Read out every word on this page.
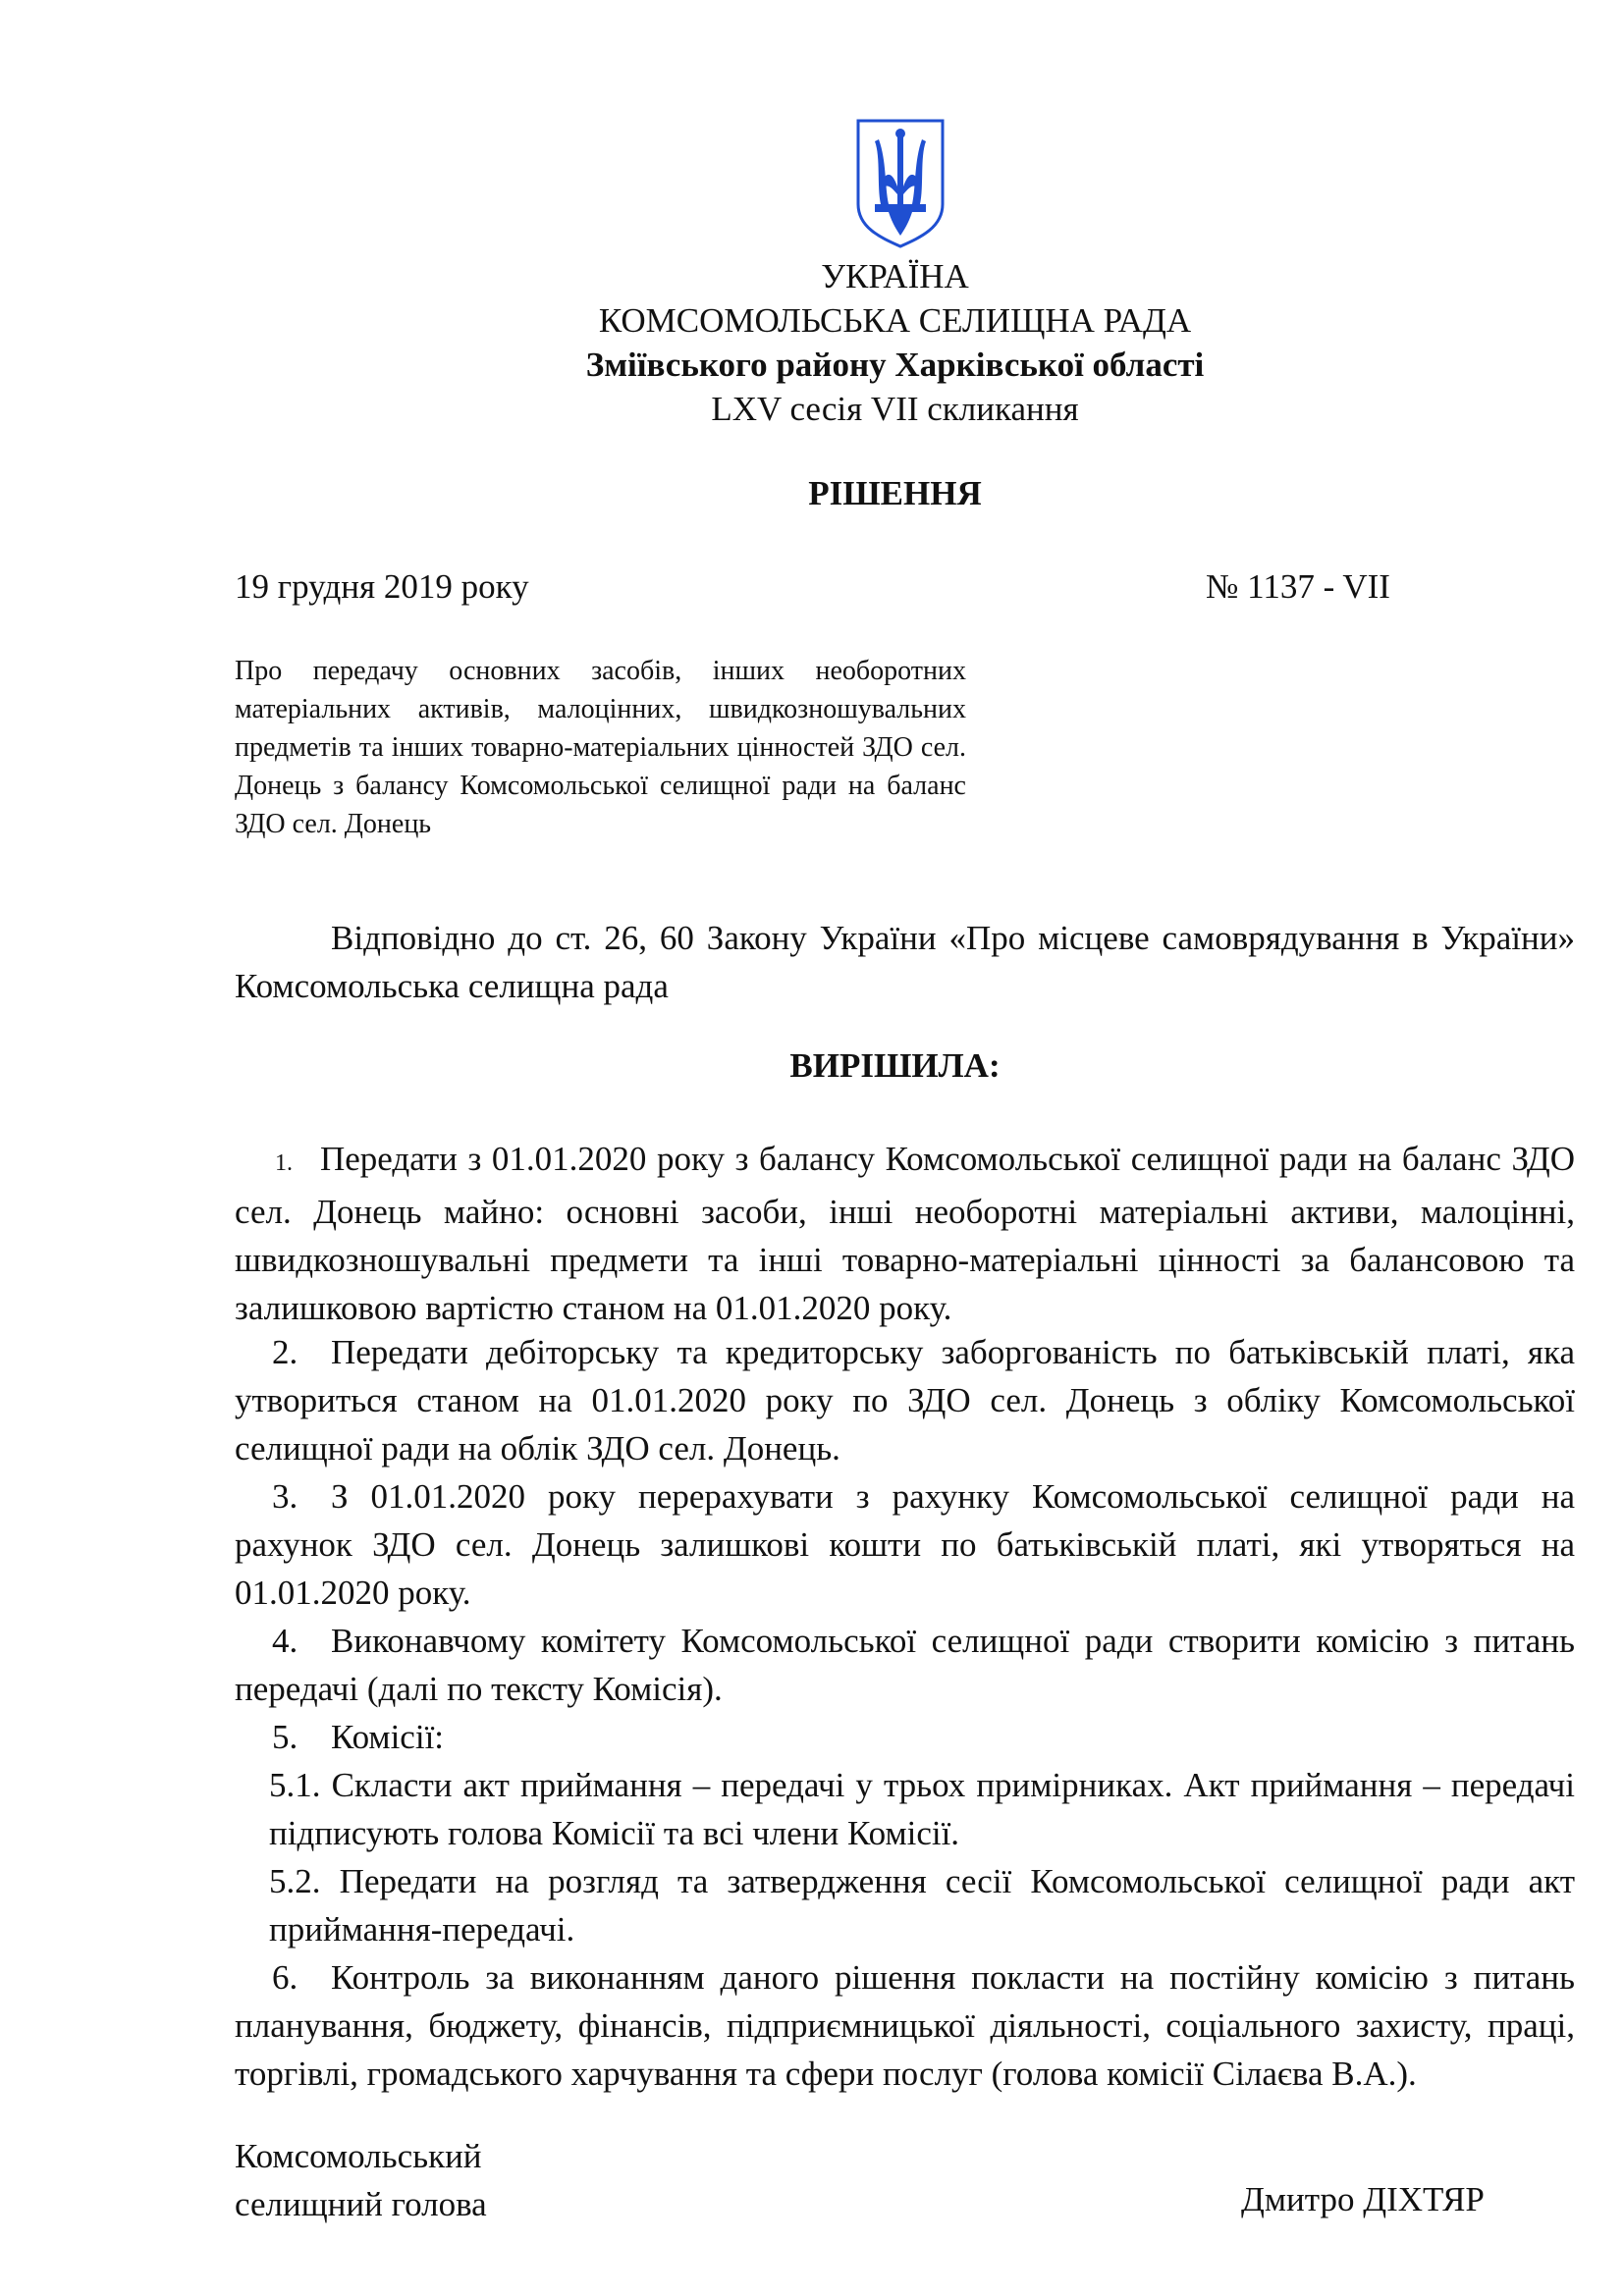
УКРАЇНА
КОМСОМОЛЬСЬКА СЕЛИЩНА РАДА
Зміївського району Харківської області
LXV сесія VII скликання
РІШЕННЯ
19 грудня 2019 року	№ 1137 - VII
Про передачу основних засобів, інших необоротних матеріальних активів, малоцінних, швидкозношувальних предметів та інших товарно-матеріальних цінностей ЗДО сел. Донець з балансу Комсомольської селищної ради на баланс ЗДО сел. Донець
Відповідно до ст. 26, 60 Закону України «Про місцеве самоврядування в України» Комсомольська селищна рада
ВИРІШИЛА:
1. Передати з 01.01.2020 року з балансу Комсомольської селищної ради на баланс ЗДО сел. Донець майно: основні засоби, інші необоротні матеріальні активи, малоцінні, швидкозношувальні предмети та інші товарно-матеріальні цінності за балансовою та залишковою вартістю станом на 01.01.2020 року.
2. Передати дебіторську та кредиторську заборгованість по батьківській платі, яка утвориться станом на 01.01.2020 року по ЗДО сел. Донець з обліку Комсомольської селищної ради на облік ЗДО сел. Донець.
3. З 01.01.2020 року перерахувати з рахунку Комсомольської селищної ради на рахунок ЗДО сел. Донець залишкові кошти по батьківській платі, які утворяться на 01.01.2020 року.
4. Виконавчому комітету Комсомольської селищної ради створити комісію з питань передачі (далі по тексту Комісія).
5. Комісії:
5.1. Скласти акт приймання – передачі у трьох примірниках. Акт приймання – передачі підписують голова Комісії та всі члени Комісії.
5.2. Передати на розгляд та затвердження сесії Комсомольської селищної ради акт приймання-передачі.
6. Контроль за виконанням даного рішення покласти на постійну комісію з питань планування, бюджету, фінансів, підприємницької діяльності, соціального захисту, праці, торгівлі, громадського харчування та сфери послуг (голова комісії Сілаєва В.А.).
Комсомольський
селищний голова	Дмитро ДІХТЯР
